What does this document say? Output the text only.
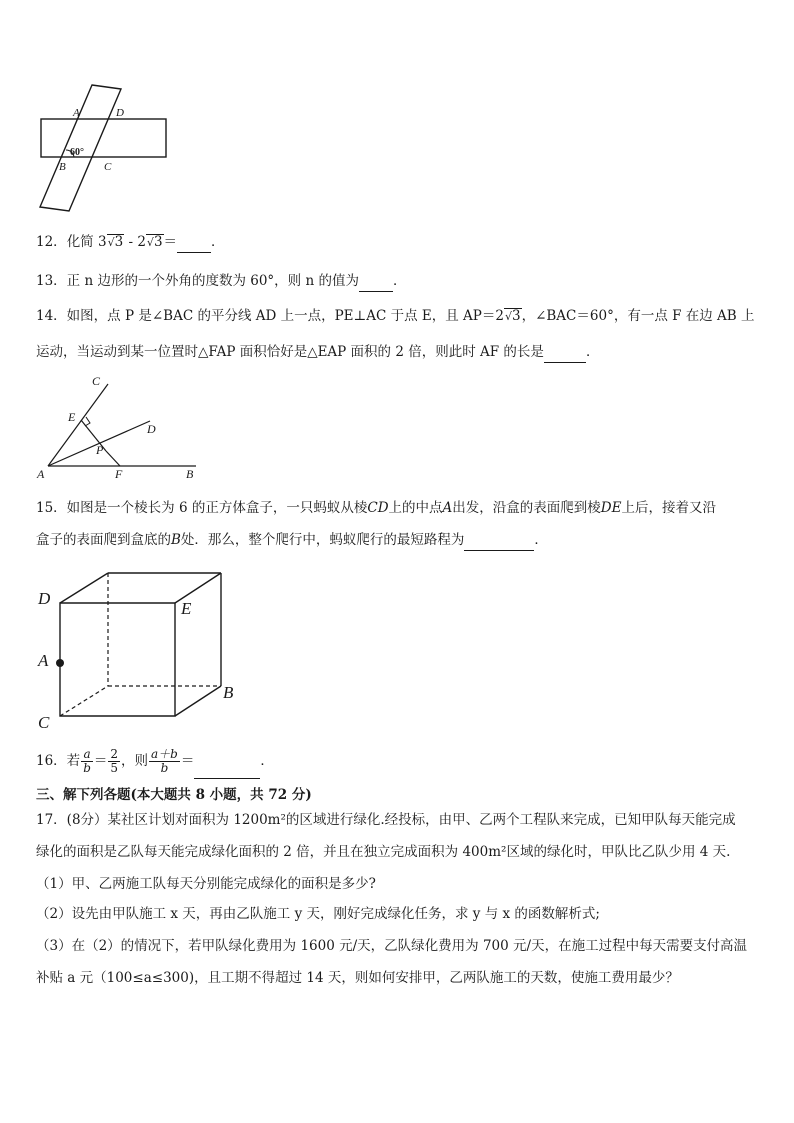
A	D
B	C
60°
12．化简 3√3 - 2√3＝	．
13．正 n 边形的一个外角的度数为 60°，则 n 的值为	．
14．如图，点 P 是∠BAC 的平分线 AD 上一点，PE⊥AC 于点 E，且 AP＝2√3，∠BAC＝60°，有一点 F 在边 AB 上
运动，当运动到某一位置时△FAP 面积恰好是△EAP 面积的 2 倍，则此时 AF 的长是	．
C
E
D
P
A	F	B
15．如图是一个棱长为 6 的正方体盒子，一只蚂蚁从棱CD上的中点A出发，沿盒的表面爬到棱DE上后，接着又沿
盒子的表面爬到盒底的B处．那么，整个爬行中，蚂蚁爬行的最短路程为	．
D
E
A
B
C
16．若 $\frac{a}{b} = \frac{2}{5}$ ，则 $\frac{a+b}{b}$ ＝	．
三、解下列各题(本大题共 8 小题，共 72 分)
17．(8分）某社区计划对面积为 1200m²的区域进行绿化.经投标，由甲、乙两个工程队来完成，已知甲队每天能完成
绿化的面积是乙队每天能完成绿化面积的 2 倍，并且在独立完成面积为 400m²区域的绿化时，甲队比乙队少用 4 天.
（1）甲、乙两施工队每天分别能完成绿化的面积是多少?
（2）设先由甲队施工 x 天，再由乙队施工 y 天，刚好完成绿化任务，求 y 与 x 的函数解析式;
（3）在（2）的情况下，若甲队绿化费用为 1600 元/天，乙队绿化费用为 700 元/天，在施工过程中每天需要支付高温
补贴 a 元（100≤a≤300)，且工期不得超过 14 天，则如何安排甲，乙两队施工的天数，使施工费用最少？
